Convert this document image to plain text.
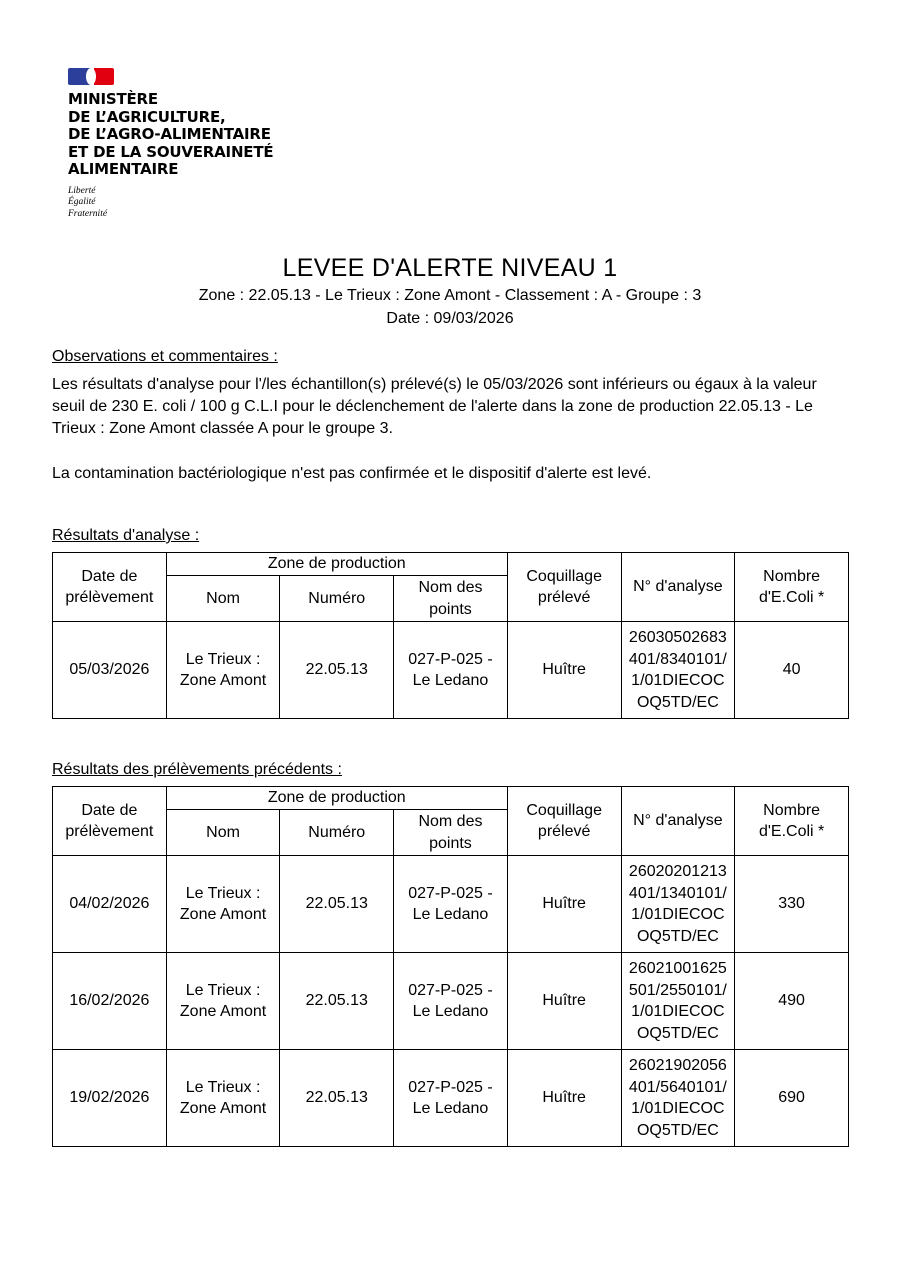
MINISTÈRE
DE L’AGRICULTURE,
DE L’AGRO-ALIMENTAIRE
ET DE LA SOUVERAINETÉ
ALIMENTAIRE
Liberté
Égalité
Fraternité
LEVEE D'ALERTE NIVEAU 1
Zone : 22.05.13 - Le Trieux : Zone Amont - Classement : A - Groupe : 3
Date : 09/03/2026
Observations et commentaires :
Les résultats d'analyse pour l'/les échantillon(s) prélevé(s) le 05/03/2026 sont inférieurs ou égaux à la valeur seuil de 230 E. coli / 100 g C.L.I pour le déclenchement de l'alerte dans la zone de production 22.05.13 - Le Trieux : Zone Amont classée A pour le groupe 3.
La contamination bactériologique n'est pas confirmée et le dispositif d'alerte est levé.
Résultats d'analyse :
Date de prélèvement	Zone de production			Coquillage prélevé	N° d'analyse	Nombre d'E.Coli *
	Nom	Numéro	Nom des points			
05/03/2026	Le Trieux : Zone Amont	22.05.13	027-P-025 - Le Ledano	Huître	26030502683401/8340101/1/01DIECOCOQ5TD/EC	40
Résultats des prélèvements précédents :
Date de prélèvement	Zone de production			Coquillage prélevé	N° d'analyse	Nombre d'E.Coli *
	Nom	Numéro	Nom des points			
04/02/2026	Le Trieux : Zone Amont	22.05.13	027-P-025 - Le Ledano	Huître	26020201213401/1340101/1/01DIECOCOQ5TD/EC	330
16/02/2026	Le Trieux : Zone Amont	22.05.13	027-P-025 - Le Ledano	Huître	26021001625501/2550101/1/01DIECOCOQ5TD/EC	490
19/02/2026	Le Trieux : Zone Amont	22.05.13	027-P-025 - Le Ledano	Huître	26021902056401/5640101/1/01DIECOCOQ5TD/EC	690
